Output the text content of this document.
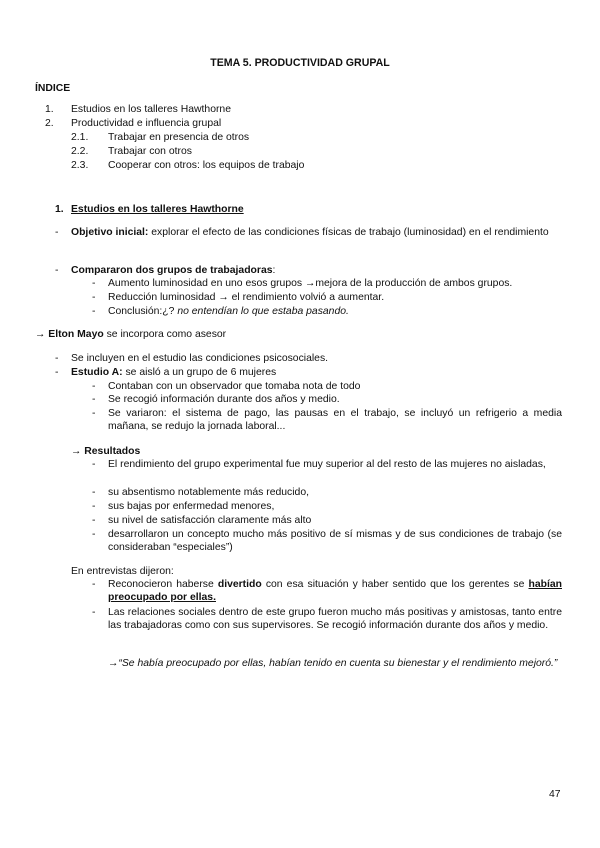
TEMA 5. PRODUCTIVIDAD GRUPAL
ÍNDICE
1. Estudios en los talleres Hawthorne
2. Productividad e influencia grupal
2.1. Trabajar en presencia de otros
2.2. Trabajar con otros
2.3. Cooperar con otros: los equipos de trabajo
1. Estudios en los talleres Hawthorne
- Objetivo inicial: explorar el efecto de las condiciones físicas de trabajo (luminosidad) en el rendimiento
- Compararon dos grupos de trabajadoras:
- Aumento luminosidad en uno esos grupos →mejora de la producción de ambos grupos.
- Reducción luminosidad → el rendimiento volvió a aumentar.
- Conclusión:¿? no entendían lo que estaba pasando.
→ Elton Mayo se incorpora como asesor
- Se incluyen en el estudio las condiciones psicosociales.
- Estudio A: se aisló a un grupo de 6 mujeres
- Contaban con un observador que tomaba nota de todo
- Se recogió información durante dos años y medio.
- Se variaron: el sistema de pago, las pausas en el trabajo, se incluyó un refrigerio a media mañana, se redujo la jornada laboral...
→ Resultados
- El rendimiento del grupo experimental fue muy superior al del resto de las mujeres no aisladas,
- su absentismo notablemente más reducido,
- sus bajas por enfermedad menores,
- su nivel de satisfacción claramente más alto
- desarrollaron un concepto mucho más positivo de sí mismas y de sus condiciones de trabajo (se consideraban “especiales”)
En entrevistas dijeron:
- Reconocieron haberse divertido con esa situación y haber sentido que los gerentes se habían preocupado por ellas.
- Las relaciones sociales dentro de este grupo fueron mucho más positivas y amistosas, tanto entre las trabajadoras como con sus supervisores. Se recogió información durante dos años y medio.
→“Se había preocupado por ellas, habían tenido en cuenta su bienestar y el rendimiento mejoró.”
47
